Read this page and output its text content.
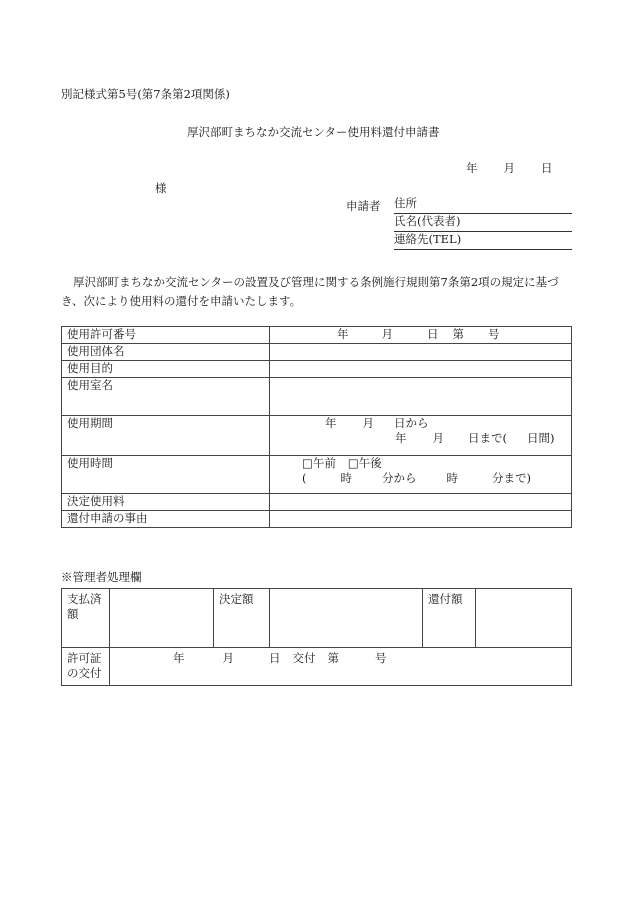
別記様式第5号(第7条第2項関係)
厚沢部町まちなか交流センター使用料還付申請書
年 月 日
様
申請者 住所
氏名(代表者)
連絡先(TEL)
厚沢部町まちなか交流センターの設置及び管理に関する条例施行規則第7条第2項の規定に基づ
き、次により使用料の還付を申請いたします。
使用許可番号	年 月 日 第 号
使用団体名	
使用目的	
使用室名	
使用期間	年 月 日から
年 月 日まで( 日間)

使用時間	□午前 □午後
( 時 分から 時 分まで)

決定使用料	
還付申請の事由	
※管理者処理欄
支払済
額		決定額		還付額	

許可証
の交付	年 月 日 交付 第 号				
